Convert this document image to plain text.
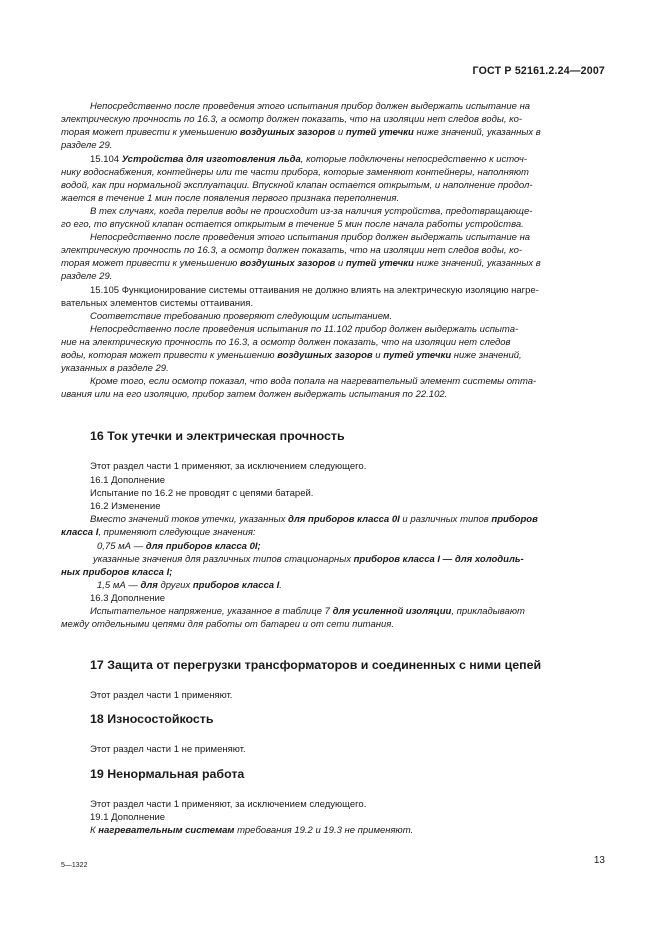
ГОСТ Р 52161.2.24—2007
Непосредственно после проведения этого испытания прибор должен выдержать испытание на
электрическую прочность по 16.3, а осмотр должен показать, что на изоляции нет следов воды, ко-
торая может привести к уменьшению воздушных зазоров и путей утечки ниже значений, указанных в
разделе 29.
15.104 Устройства для изготовления льда, которые подключены непосредственно к источ-
нику водоснабжения, контейнеры или те части прибора, которые заменяют контейнеры, наполняют
водой, как при нормальной эксплуатации. Впускной клапан остается открытым, и наполнение продол-
жается в течение 1 мин после появления первого признака переполнения.
В тех случаях, когда перелив воды не происходит из-за наличия устройства, предотвращающе-
го его, то впускной клапан остается открытым в течение 5 мин после начала работы устройства.
Непосредственно после проведения этого испытания прибор должен выдержать испытание на
электрическую прочность по 16.3, а осмотр должен показать, что на изоляции нет следов воды, ко-
торая может привести к уменьшению воздушных зазоров и путей утечки ниже значений, указанных в
разделе 29.
15.105 Функционирование системы оттаивания не должно влиять на электрическую изоляцию нагре-
вательных элементов системы оттаивания.
Соответствие требованию проверяют следующим испытанием.
Непосредственно после проведения испытания по 11.102 прибор должен выдержать испыта-
ние на электрическую прочность по 16.3, а осмотр должен показать, что на изоляции нет следов
воды, которая может привести к уменьшению воздушных зазоров и путей утечки ниже значений,
указанных в разделе 29.
Кроме того, если осмотр показал, что вода попала на нагревательный элемент системы отта-
ивания или на его изоляцию, прибор затем должен выдержать испытания по 22.102.
16 Ток утечки и электрическая прочность
Этот раздел части 1 применяют, за исключением следующего.
16.1 Дополнение
Испытание по 16.2 не проводят с цепями батарей.
16.2 Изменение
Вместо значений токов утечки, указанных для приборов класса 0I и различных типов приборов
класса I, применяют следующие значения:
0,75 мА — для приборов класса 0I;
указанные значения для различных типов стационарных приборов класса I — для холодиль-
ных приборов класса I;
1,5 мА — для других приборов класса I.
16.3 Дополнение
Испытательное напряжение, указанное в таблице 7 для усиленной изоляции, прикладывают
между отдельными цепями для работы от батареи и от сети питания.
17 Защита от перегрузки трансформаторов и соединенных с ними цепей
Этот раздел части 1 применяют.
18 Износостойкость
Этот раздел части 1 не применяют.
19 Ненормальная работа
Этот раздел части 1 применяют, за исключением следующего.
19.1 Дополнение
К нагревательным системам требования 19.2 и 19.3 не применяют.
5—1322	13
